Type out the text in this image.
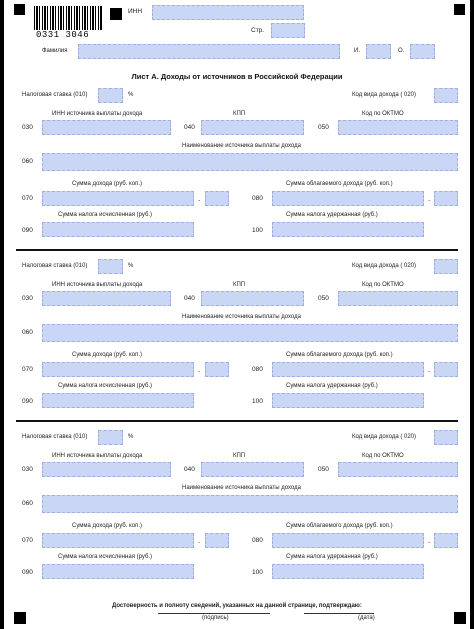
0331 3046
ИНН
Стр.
Фамилия	И.	О.
Лист А. Доходы от источников в Российской Федерации
Налоговая ставка (010)	%	Код вида дохода ( 020)
ИНН источника выплаты дохода	КПП	Код по ОКТМО
030	040	050
Наименование источника выплаты дохода
060
Сумма дохода (руб. коп.)	Сумма облагаемого дохода (руб. коп.)
070	.	080	.
Сумма налога исчисленная (руб.)	Сумма налога удержанная (руб.)
090	100
Налоговая ставка (010)	%	Код вида дохода ( 020)
ИНН источника выплаты дохода	КПП	Код по ОКТМО
030	040	050
Наименование источника выплаты дохода
060
Сумма дохода (руб. коп.)	Сумма облагаемого дохода (руб. коп.)
070	.	080	.
Сумма налога исчисленная (руб.)	Сумма налога удержанная (руб.)
090	100
Налоговая ставка (010)	%	Код вида дохода ( 020)
ИНН источника выплаты дохода	КПП	Код по ОКТМО
030	040	050
Наименование источника выплаты дохода
060
Сумма дохода (руб. коп.)	Сумма облагаемого дохода (руб. коп.)
070	.	080	.
Сумма налога исчисленная (руб.)	Сумма налога удержанная (руб.)
090	100
Достоверность и полноту сведений, указанных на данной странице, подтверждаю:
(подпись)	(дата)
